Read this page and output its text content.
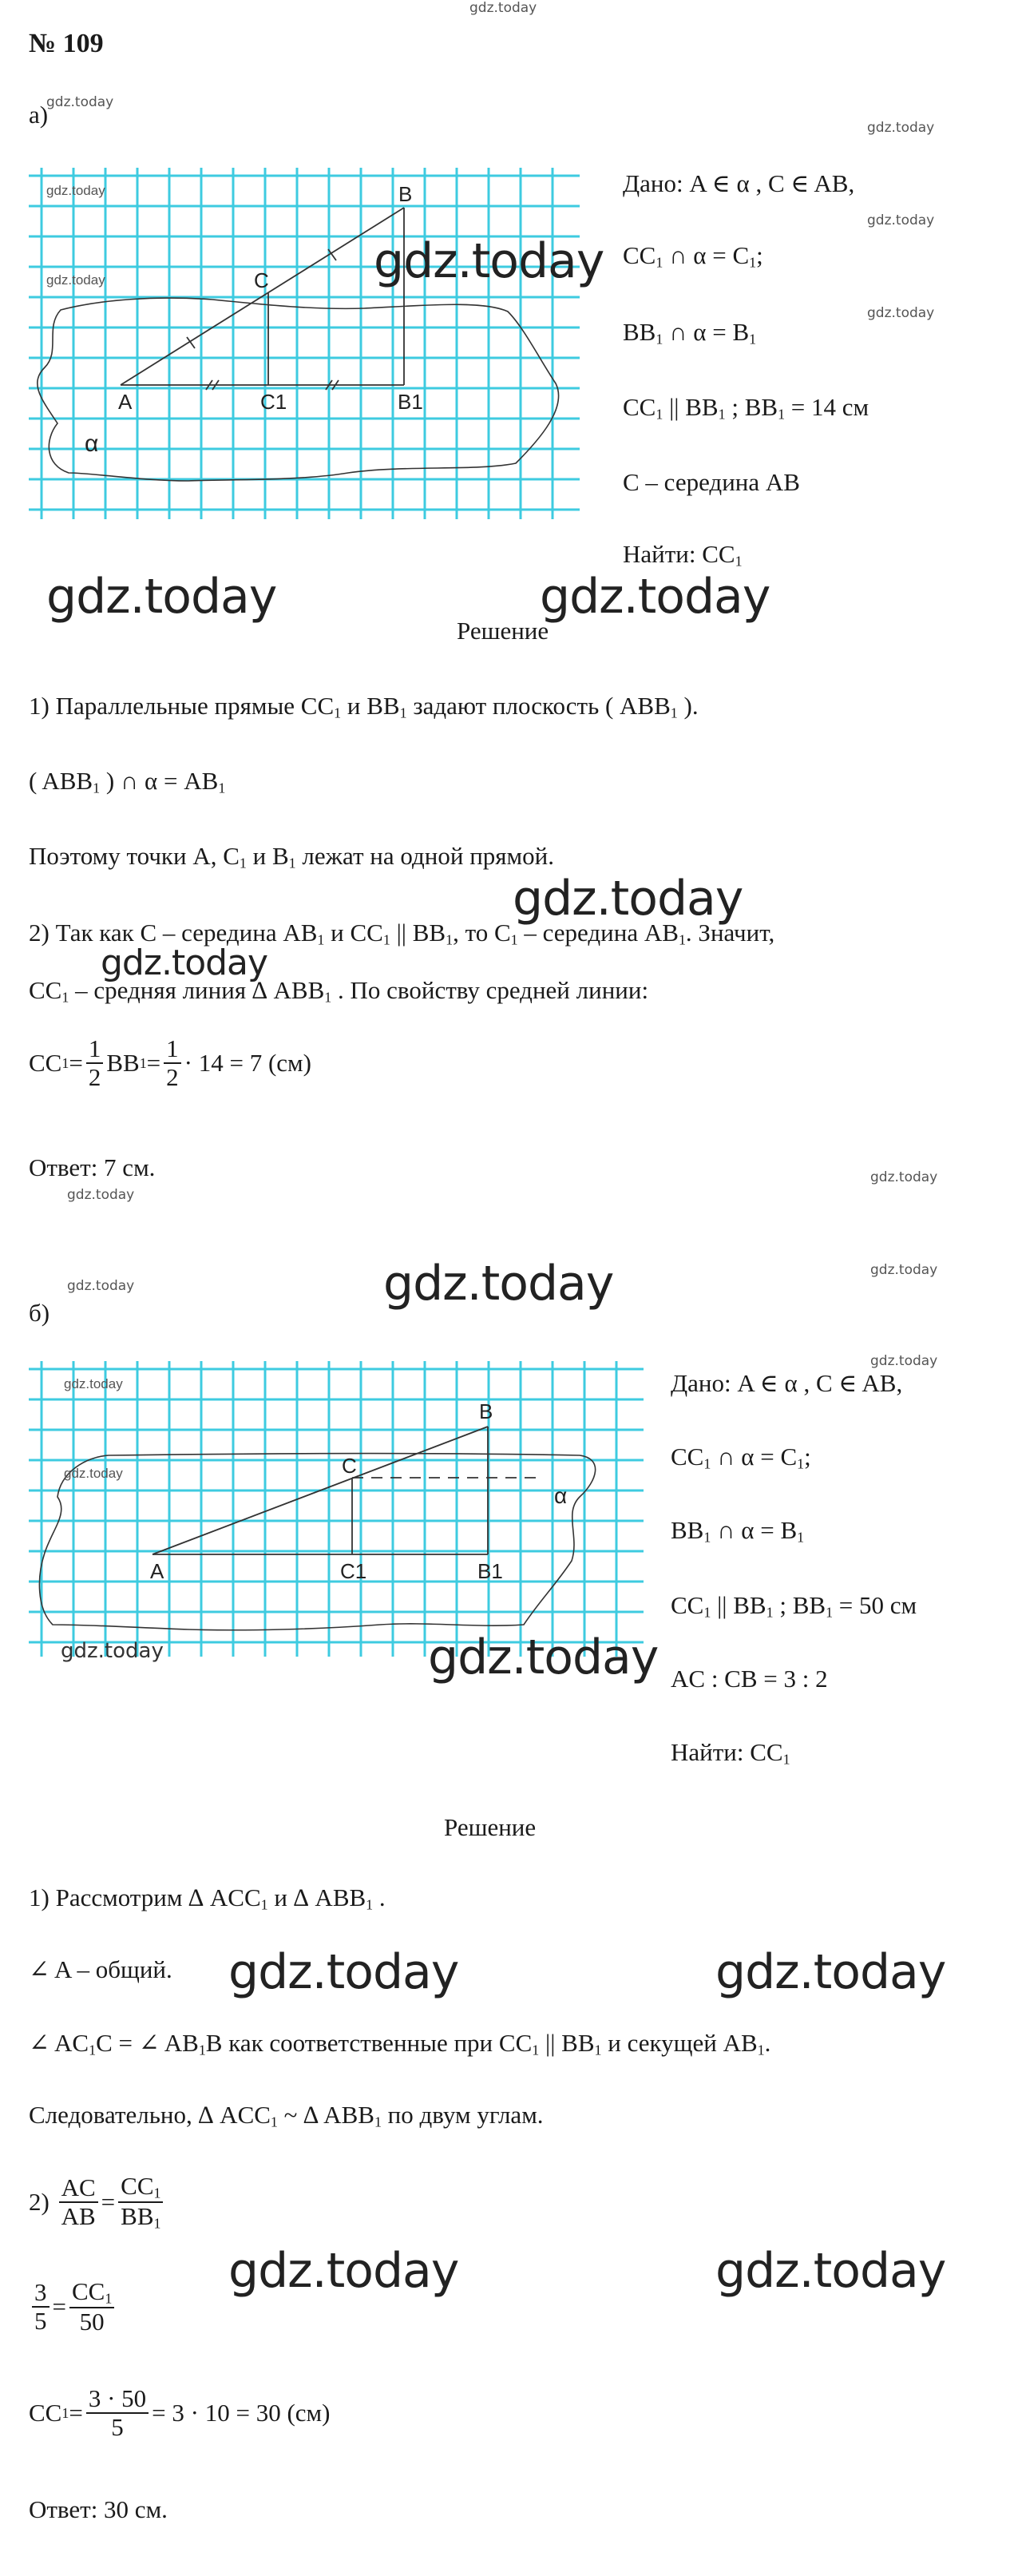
gdz.today
№ 109
а)
gdz.today
A
C
B
C1	B1
α
gdz.today
gdz.today	gdz.today
Дано: A ∈ α , C ∈ AB,
gdz.today
gdz.today
$CC_1$ ∩ $\alpha = C_1$;
gdz.today
$BB_1$ ∩ $\alpha = B_1$
$CC_1$ || $BB_1$ ; $BB_1 = 14$ см
C – середина AB
Найти: $CC_1$
gdz.today	gdz.today
Решение
1) Параллельные прямые $CC_1$ и $BB_1$ задают плоскость ( $ABB_1$ ).
( $ABB_1$ ) ∩ $\alpha = AB_1$
Поэтому точки A, $C_1$ и $B_1$ лежат на одной прямой.
gdz.today
2) Так как C – середина $AB_1$ и $CC_1$ || $BB_1$, то $C_1$ – середина $AB_1$. Значит,
gdz.today
$CC_1$ – средняя линия ∆ $ABB_1$ . По свойству средней линии:
CC $1 = \frac{1}{2}$ BB $1 = \frac{1}{2} \cdot 14 = 7$ (см)
Ответ: 7 см.
gdz.today
gdz.today
gdz.today
gdz.today
gdz.today
б)
gdz.today
A
C
B
C1	B1
α
gdz.today
gdz.today
gdz.today	gdz.today
Дано: A ∈ α , C ∈ AB,
$CC_1$ ∩ $\alpha = C_1$;
$BB_1$ ∩ $\alpha = B_1$
$CC_1$ || $BB_1$ ; $BB_1 = 50$ см
AC : CB = 3 : 2
Найти: $CC_1$
Решение
1) Рассмотрим ∆ $ACC_1$ и ∆ $ABB_1$ .
∠ A – общий. gdz.today	gdz.today
∠ $AC_1C$ = ∠ $AB_1B$ как соответственные при $CC_1$ || $BB_1$ и секущей $AB_1$.
Следовательно, ∆ $ACC_1$ ~ ∆ $ABB_1$ по двум углам.
2)
$\frac{AC}{AB} = \frac{CC_1}{BB_1}$
gdz.today	gdz.today
$\frac{3}{5} = \frac{CC_1}{50}$
CC $1 = \frac{3 \cdot 50}{5} = 3 \cdot 10 = 30$ (см)
Ответ: 30 см.
